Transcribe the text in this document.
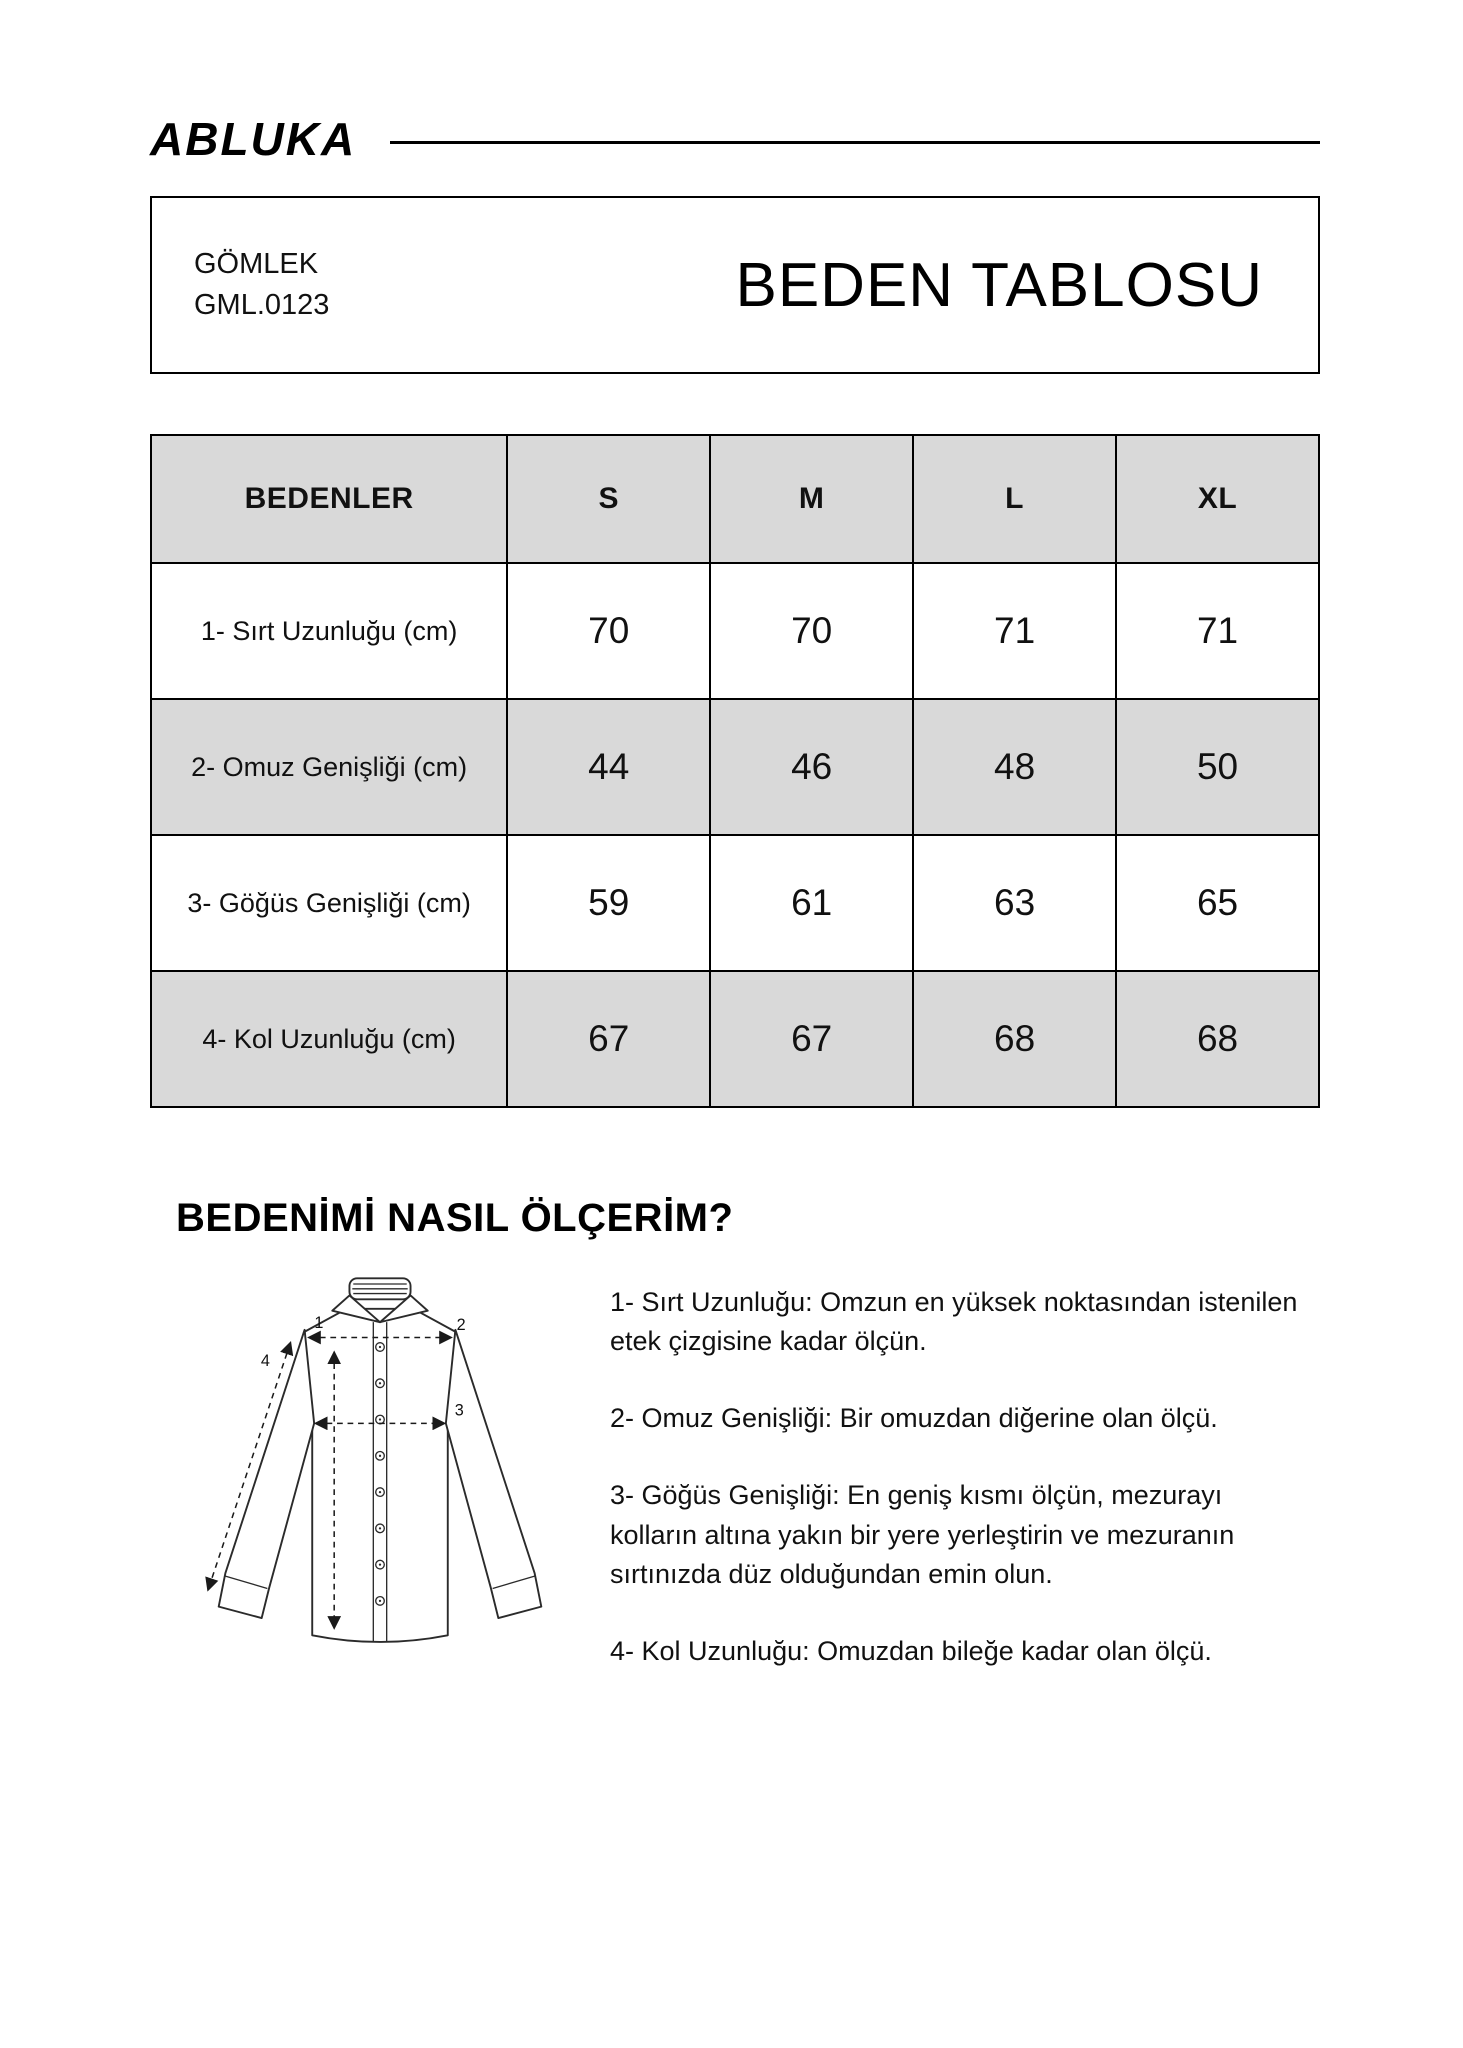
ABLUKA
GÖMLEK
GML.0123	BEDEN TABLOSU
BEDENLER	S	M	L	XL
1- Sırt Uzunluğu (cm)	70	70	71	71
2- Omuz Genişliği (cm)	44	46	48	50
3- Göğüs Genişliği (cm)	59	61	63	65
4- Kol Uzunluğu (cm)	67	67	68	68
BEDENİMİ NASIL ÖLÇERİM?
1	2
3
4

1- Sırt Uzunluğu: Omzun en yüksek noktasından istenilen etek çizgisine kadar ölçün.

2- Omuz Genişliği: Bir omuzdan diğerine olan ölçü.

3- Göğüs Genişliği: En geniş kısmı ölçün, mezurayı kolların altına yakın bir yere yerleştirin ve mezuranın sırtınızda düz olduğundan emin olun.

4- Kol Uzunluğu: Omuzdan bileğe kadar olan ölçü.
